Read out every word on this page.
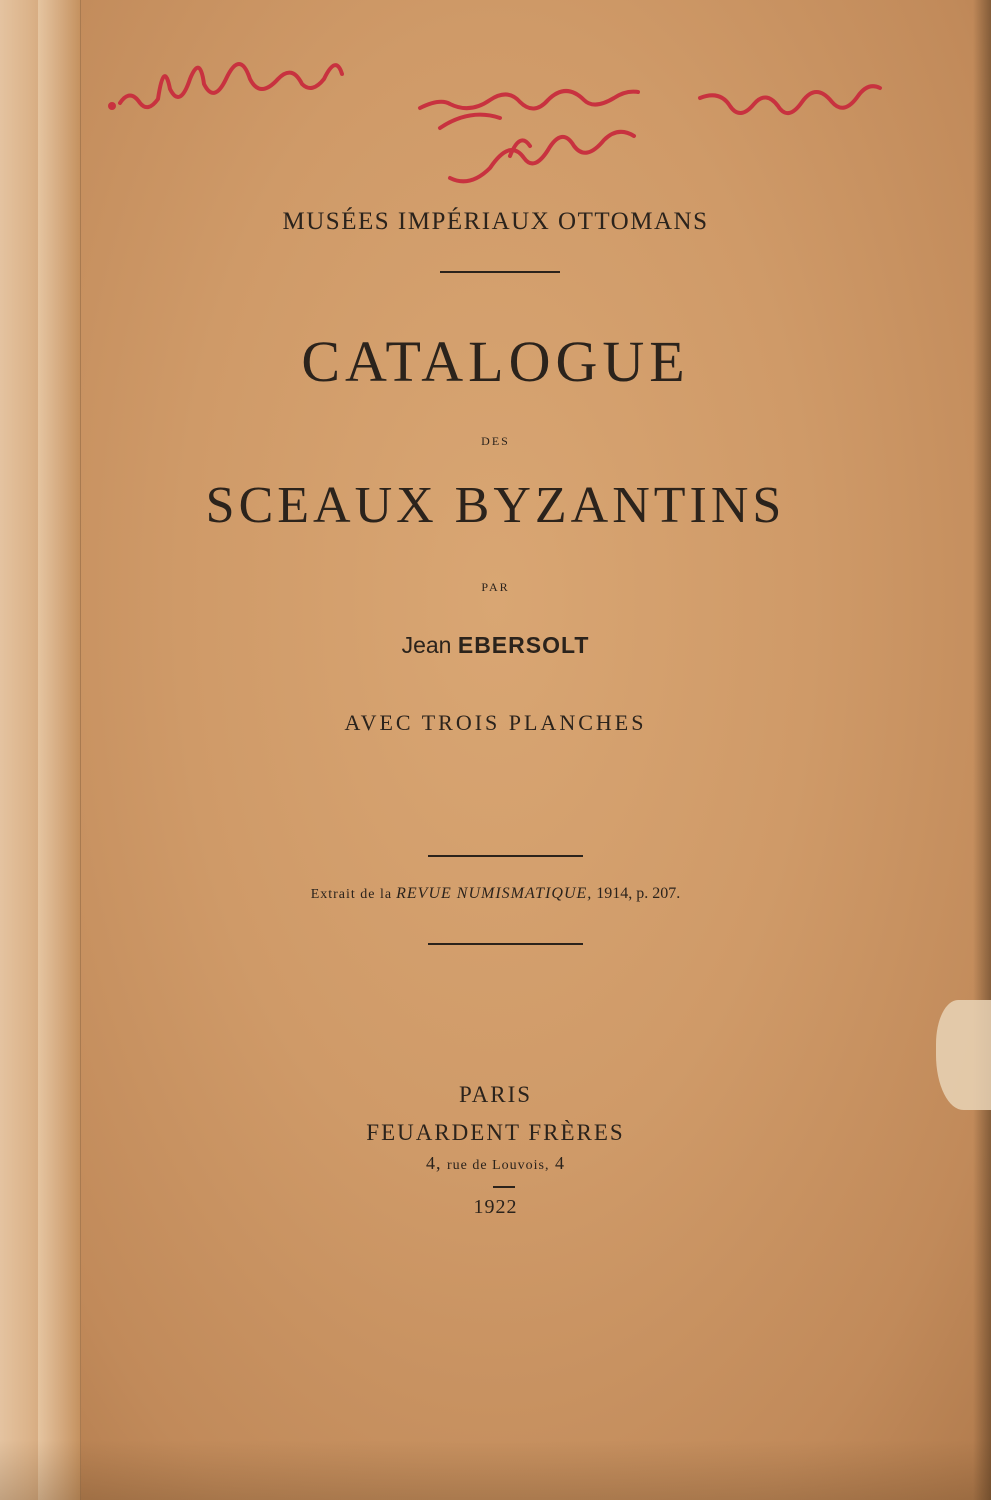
MUSÉES IMPÉRIAUX OTTOMANS
CATALOGUE
DES
SCEAUX BYZANTINS
PAR
Jean EBERSOLT
AVEC TROIS PLANCHES
Extrait de la REVUE NUMISMATIQUE, 1914, p. 207.
PARIS
FEUARDENT FRÈRES
4, rue de Louvois, 4
1922
